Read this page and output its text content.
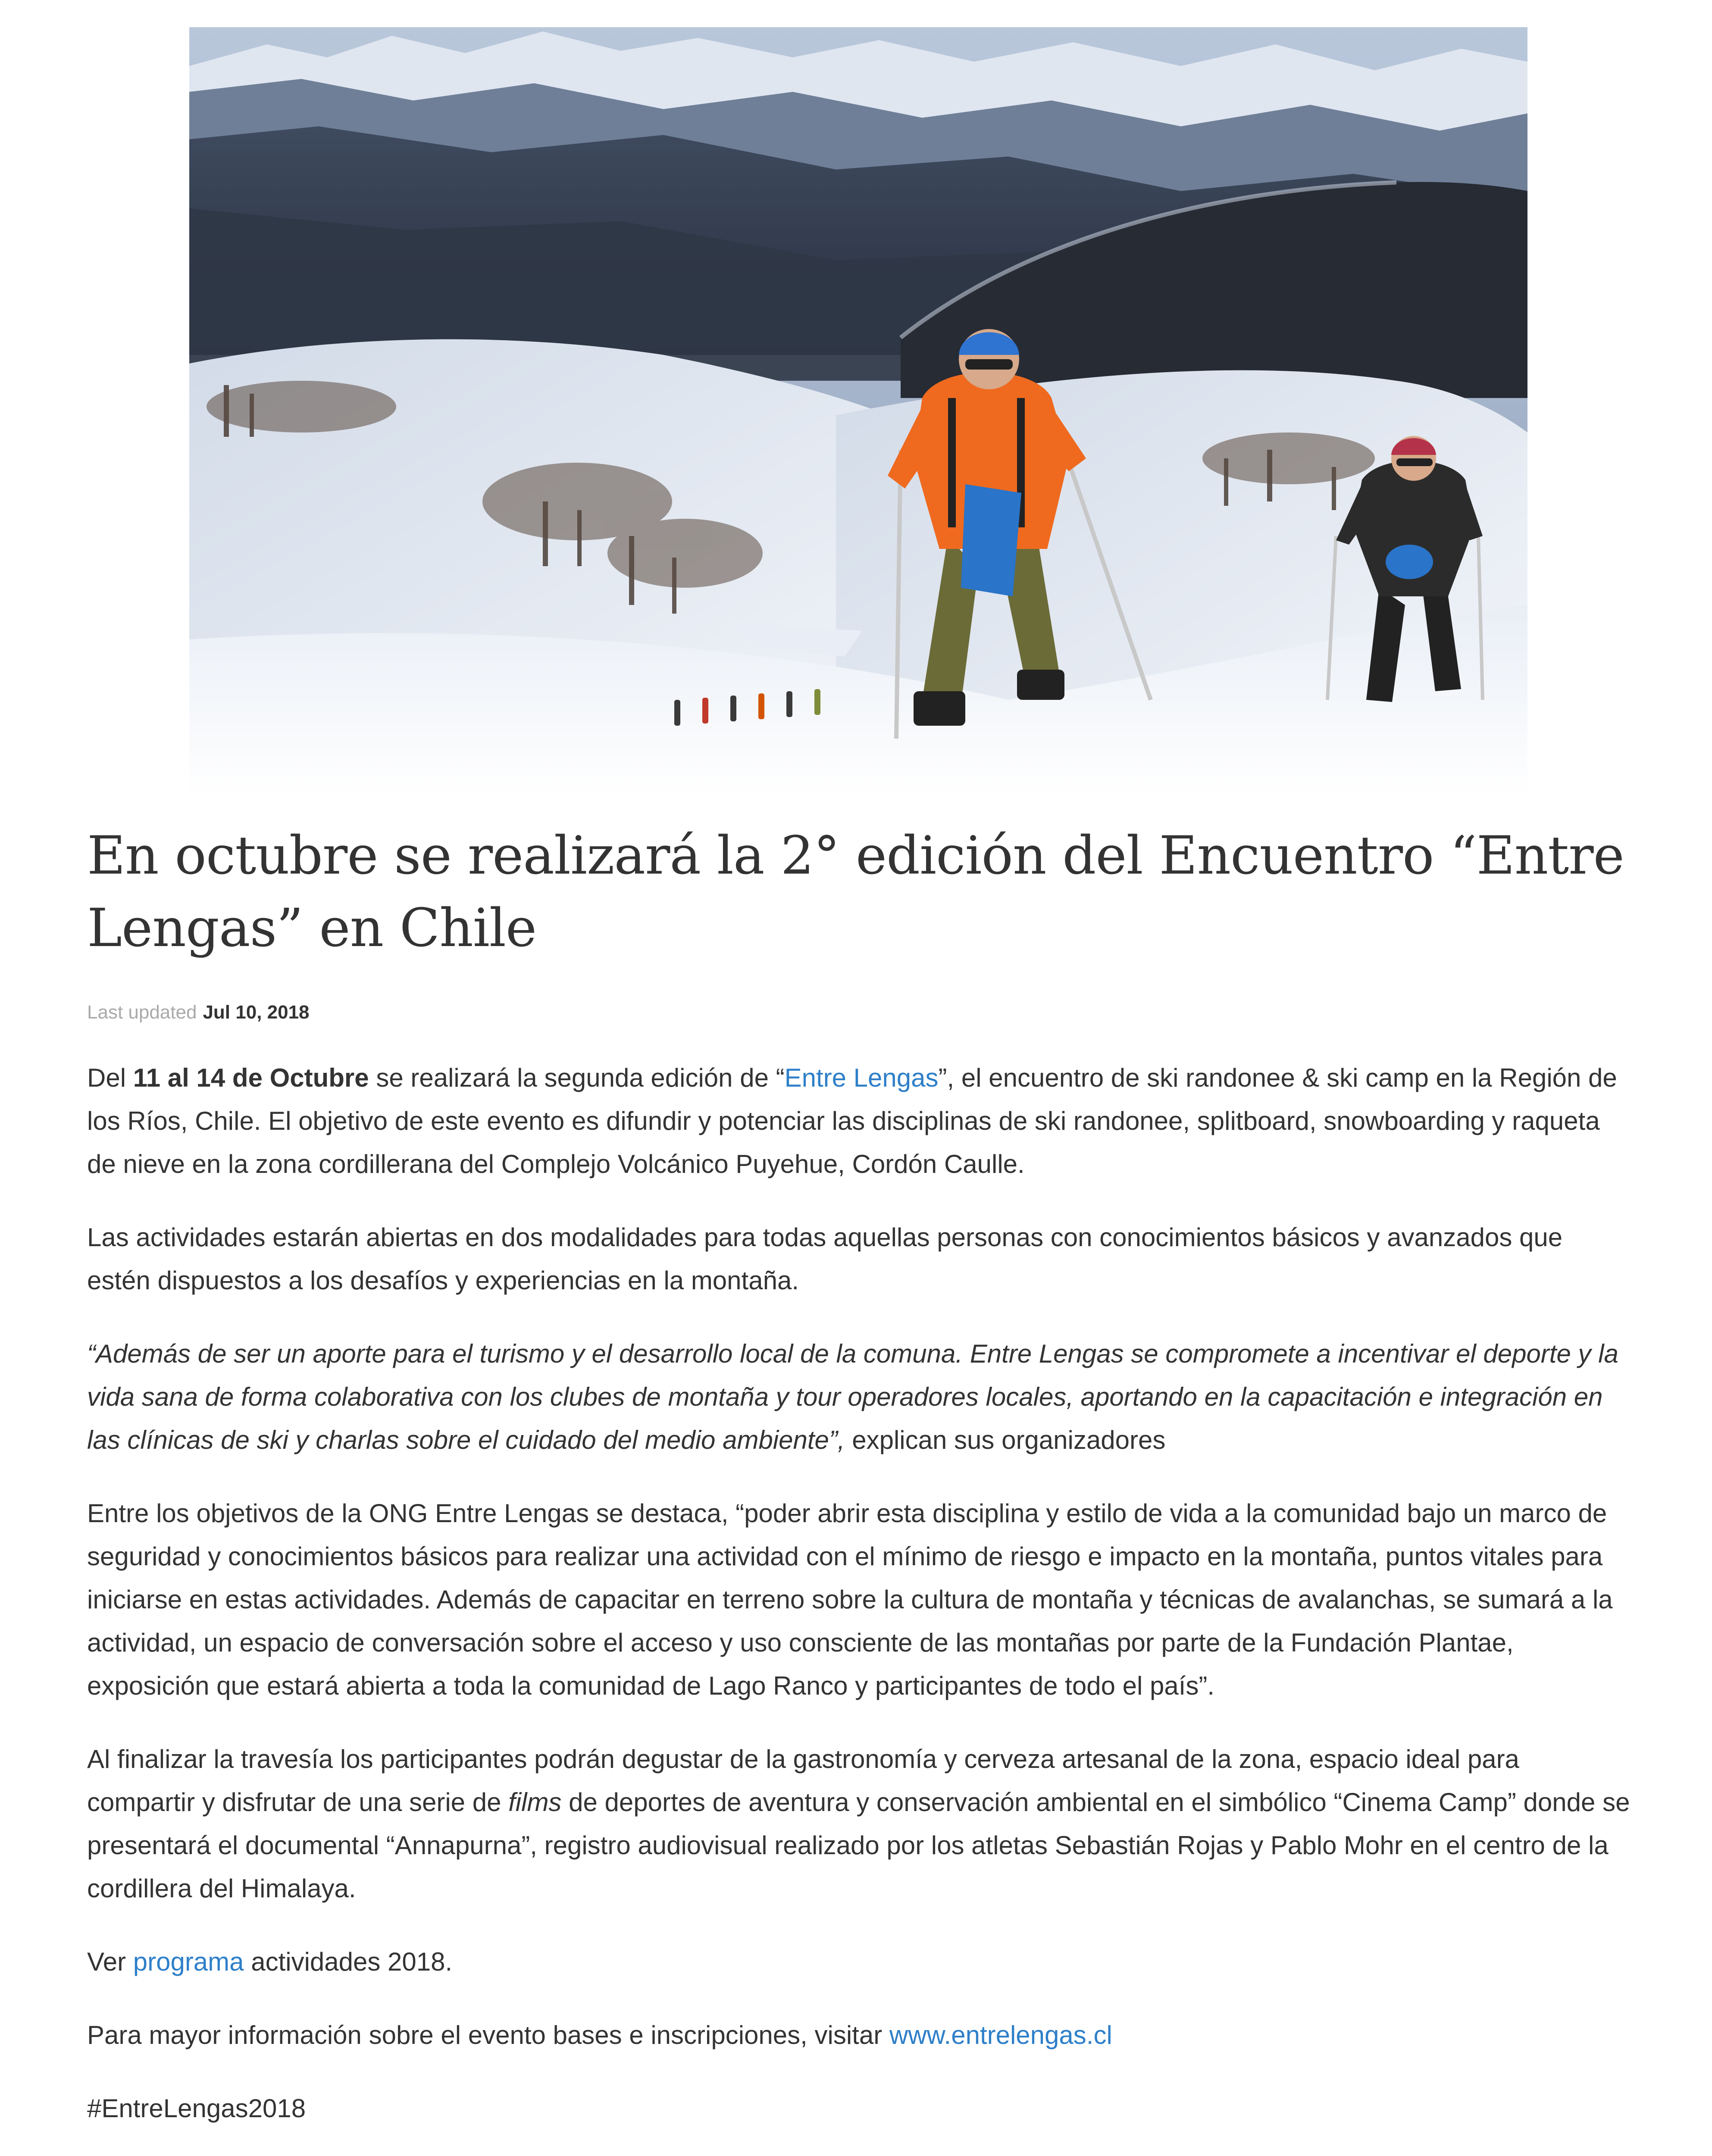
En octubre se realizará la 2° edición del Encuentro “Entre Lengas” en Chile
Last updated Jul 10, 2018

Del 11 al 14 de Octubre se realizará la segunda edición de “Entre Lengas”, el encuentro de ski randonee & ski camp en la Región de los Ríos, Chile. El objetivo de este evento es difundir y potenciar las disciplinas de ski randonee, splitboard, snowboarding y raqueta de nieve en la zona cordillerana del Complejo Volcánico Puyehue, Cordón Caulle.

Las actividades estarán abiertas en dos modalidades para todas aquellas personas con conocimientos básicos y avanzados que estén dispuestos a los desafíos y experiencias en la montaña.

“Además de ser un aporte para el turismo y el desarrollo local de la comuna. Entre Lengas se compromete a incentivar el deporte y la vida sana de forma colaborativa con los clubes de montaña y tour operadores locales, aportando en la capacitación e integración en las clínicas de ski y charlas sobre el cuidado del medio ambiente”, explican sus organizadores

Entre los objetivos de la ONG Entre Lengas se destaca, “poder abrir esta disciplina y estilo de vida a la comunidad bajo un marco de seguridad y conocimientos básicos para realizar una actividad con el mínimo de riesgo e impacto en la montaña, puntos vitales para iniciarse en estas actividades. Además de capacitar en terreno sobre la cultura de montaña y técnicas de avalanchas, se sumará a la actividad, un espacio de conversación sobre el acceso y uso consciente de las montañas por parte de la Fundación Plantae, exposición que estará abierta a toda la comunidad de Lago Ranco y participantes de todo el país”.

Al finalizar la travesía los participantes podrán degustar de la gastronomía y cerveza artesanal de la zona, espacio ideal para compartir y disfrutar de una serie de films de deportes de aventura y conservación ambiental en el simbólico “Cinema Camp” donde se presentará el documental “Annapurna”, registro audiovisual realizado por los atletas Sebastián Rojas y Pablo Mohr en el centro de la cordillera del Himalaya.

Ver programa actividades 2018.

Para mayor información sobre el evento bases e inscripciones, visitar www.entrelengas.cl

#EntreLengas2018
